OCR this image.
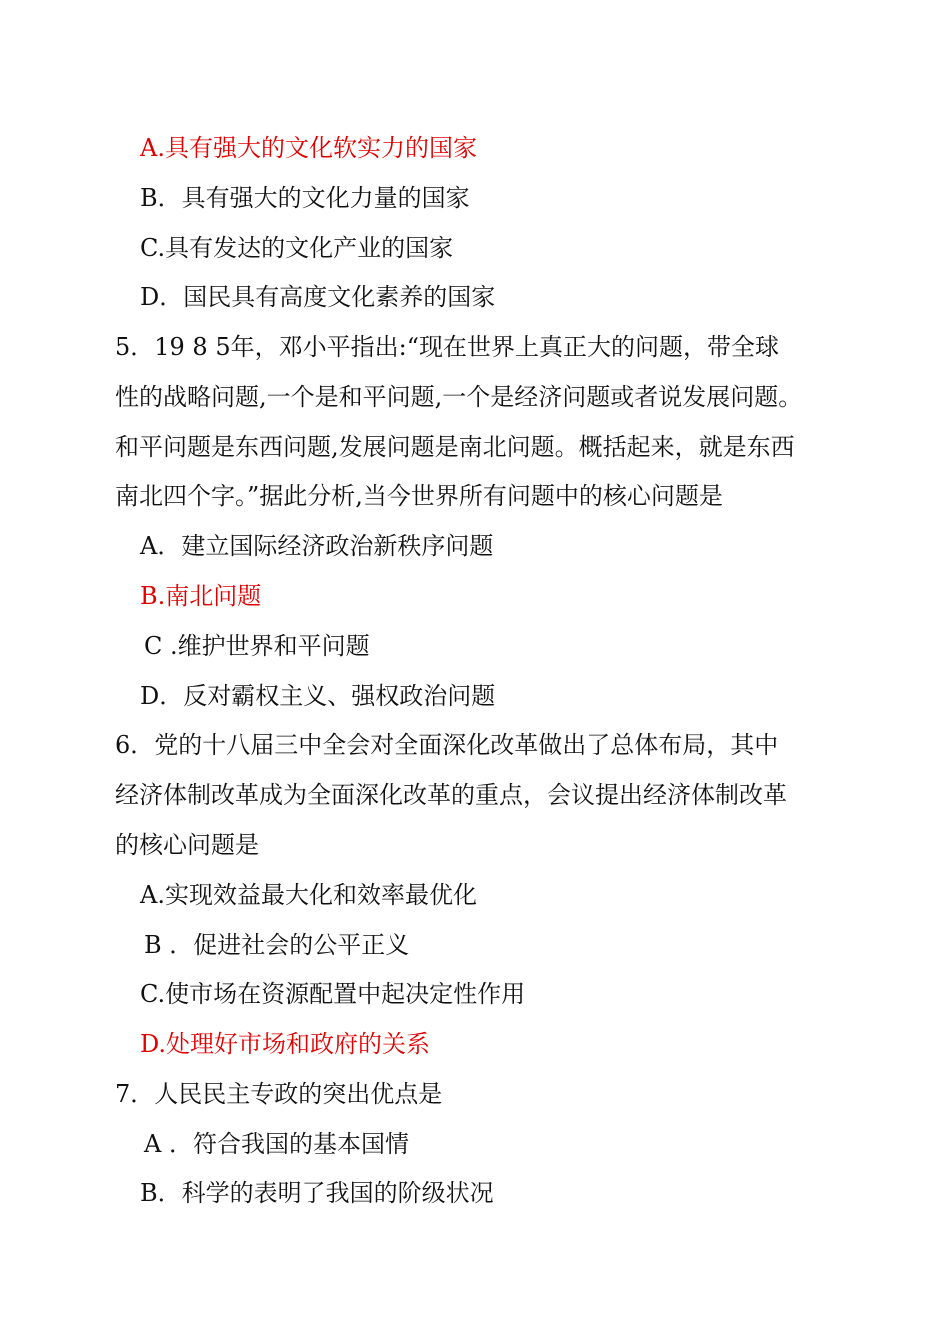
A.具有强大的文化软实力的国家
B．具有强大的文化力量的国家
C.具有发达的文化产业的国家
D．国民具有高度文化素养的国家
5．19 8 5年，邓小平指出:“现在世界上真正大的问题，带全球
性的战略问题,一个是和平问题,一个是经济问题或者说发展问题。
和平问题是东西问题,发展问题是南北问题。概括起来，就是东西
南北四个字。”据此分析,当今世界所有问题中的核心问题是
A．建立国际经济政治新秩序问题
B.南北问题
C .维护世界和平问题
D．反对霸权主义、强权政治问题
6．党的十八届三中全会对全面深化改革做出了总体布局，其中
经济体制改革成为全面深化改革的重点，会议提出经济体制改革
的核心问题是
A.实现效益最大化和效率最优化
B ．促进社会的公平正义
C.使市场在资源配置中起决定性作用
D.处理好市场和政府的关系
7．人民民主专政的突出优点是
A ．符合我国的基本国情
B．科学的表明了我国的阶级状况
